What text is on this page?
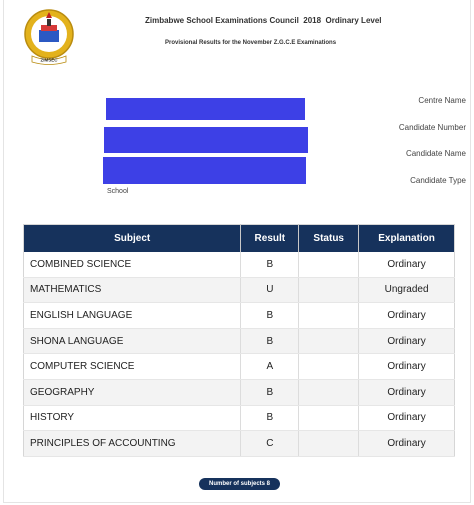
ZIMSEC
Zimbabwe School Examinations Council  2018  Ordinary Level
Provisional Results for the November Z.G.C.E Examinations
Centre Name
Candidate Number
Candidate Name
Candidate Type
School
Subject	Result	Status	Explanation
COMBINED SCIENCE	B		Ordinary
MATHEMATICS	U		Ungraded
ENGLISH LANGUAGE	B		Ordinary
SHONA LANGUAGE	B		Ordinary
COMPUTER SCIENCE	A		Ordinary
GEOGRAPHY	B		Ordinary
HISTORY	B		Ordinary
PRINCIPLES OF ACCOUNTING	C		Ordinary
Number of subjects 8
